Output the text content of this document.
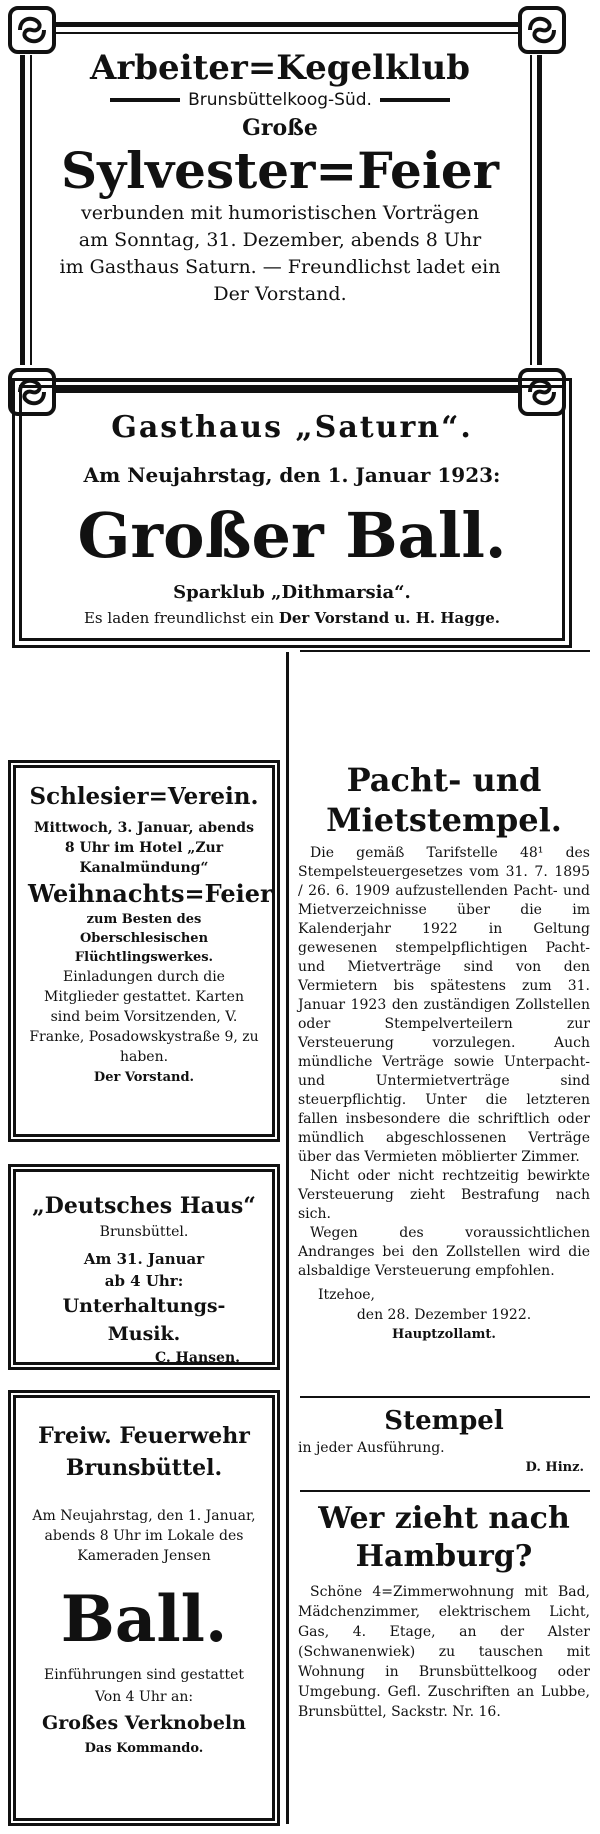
Arbeiter=Kegelklub

Brunsbüttelkoog-Süd.

Große

Sylvester=Feier

verbunden mit humoristischen Vorträgen

am Sonntag, 31. Dezember, abends 8 Uhr

im Gasthaus Saturn. — Freundlichst ladet ein

Der Vorstand.

Gasthaus „Saturn“.

Am Neujahrstag, den 1. Januar 1923:

Großer Ball.

Sparklub „Dithmarsia“.

Es laden freundlichst ein Der Vorstand u. H. Hagge.

Schlesier=Verein.

Mittwoch, 3. Januar, abends 8 Uhr im Hotel „Zur Kanalmündung“

Weihnachts=Feier

zum Besten des Oberschlesischen Flüchtlingswerkes.

Einladungen durch die Mitglieder gestattet. Karten sind beim Vorsitzenden, V. Franke, Posadowskystraße 9, zu haben.

Der Vorstand.

„Deutsches Haus“

Brunsbüttel.

Am 31. Januar

ab 4 Uhr:

Unterhaltungs-Musik.

C. Hansen.

Freiw. Feuerwehr

Brunsbüttel.

Am Neujahrstag, den 1. Januar, abends 8 Uhr im Lokale des Kameraden Jensen

Ball.

Einführungen sind gestattet

Von 4 Uhr an:

Großes Verknobeln

Das Kommando.

Pacht- und

Mietstempel.

Die gemäß Tarifstelle 48¹ des Stempelsteuergesetzes vom 31. 7. 1895 / 26. 6. 1909 aufzustellenden Pacht- und Mietverzeichnisse über die im Kalenderjahr 1922 in Geltung gewesenen stempelpflichtigen Pacht- und Mietverträge sind von den Vermietern bis spätestens zum 31. Januar 1923 den zuständigen Zollstellen oder Stempelverteilern zur Versteuerung vorzulegen. Auch mündliche Verträge sowie Unterpacht- und Untermietverträge sind steuerpflichtig. Unter die letzteren fallen insbesondere die schriftlich oder mündlich abgeschlossenen Verträge über das Vermieten möblierter Zimmer.

Nicht oder nicht rechtzeitig bewirkte Versteuerung zieht Bestrafung nach sich.

Wegen des voraussichtlichen Andranges bei den Zollstellen wird die alsbaldige Versteuerung empfohlen.

Itzehoe,

den 28. Dezember 1922.

Hauptzollamt.

Stempel

in jeder Ausführung.

D. Hinz.

Wer zieht nach

Hamburg?

Schöne 4=Zimmerwohnung mit Bad, Mädchenzimmer, elektrischem Licht, Gas, 4. Etage, an der Alster (Schwanenwiek) zu tauschen mit Wohnung in Brunsbüttelkoog oder Umgebung. Gefl. Zuschriften an Lubbe, Brunsbüttel, Sackstr. Nr. 16.
